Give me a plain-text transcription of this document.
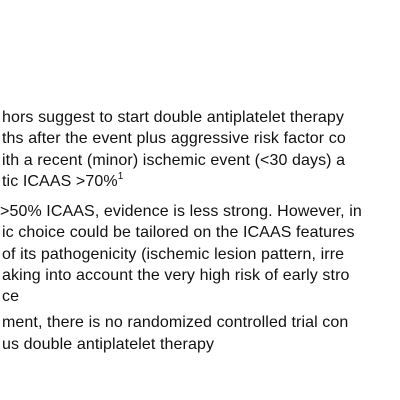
hors suggest to start double antiplatelet therapy
ths after the event plus aggressive risk factor co
ith a recent (minor) ischemic event (<30 days) a
tic ICAAS >70%$^1$
>50% ICAAS, evidence is less strong. However, in
ic choice could be tailored on the ICAAS features
of its pathogenicity (ischemic lesion pattern, irre
aking into account the very high risk of early stro
ce
ment, there is no randomized controlled trial con
us double antiplatelet therapy
